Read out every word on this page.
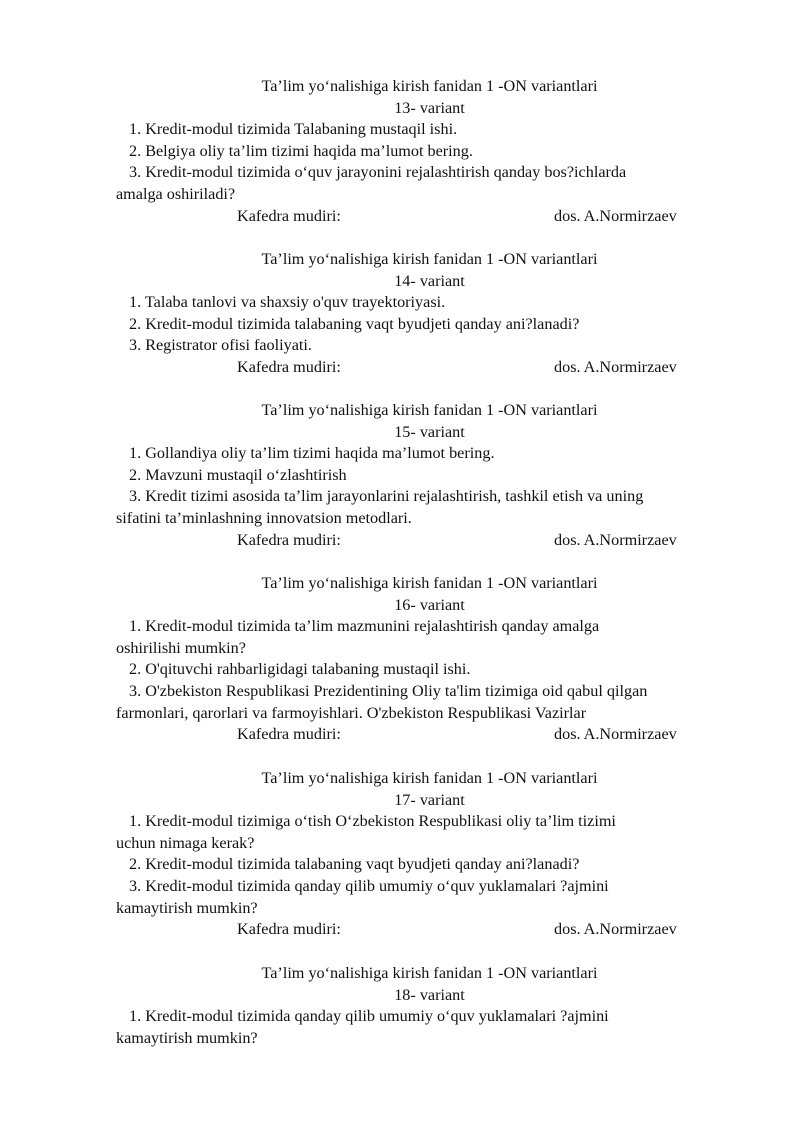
Ta’lim yo‘nalishiga kirish fanidan 1 -ON variantlari
13- variant
1. Kredit-modul tizimida Talabaning mustaqil ishi.
2. Belgiya oliy ta’lim tizimi haqida ma’lumot bering.
3. Kredit-modul tizimida o‘quv jarayonini rejalashtirish qanday bos?ichlarda
amalga oshiriladi?
Kafedra mudiri:	dos. A.Normirzaev
Ta’lim yo‘nalishiga kirish fanidan 1 -ON variantlari
14- variant
1. Talaba tanlovi va shaxsiy o'quv trayektoriyasi.
2. Kredit-modul tizimida talabaning vaqt byudjeti qanday ani?lanadi?
3. Registrator ofisi faoliyati.
Kafedra mudiri:	dos. A.Normirzaev
Ta’lim yo‘nalishiga kirish fanidan 1 -ON variantlari
15- variant
1. Gollandiya oliy ta’lim tizimi haqida ma’lumot bering.
2. Mavzuni mustaqil o‘zlashtirish
3. Kredit tizimi asosida ta’lim jarayonlarini rejalashtirish, tashkil etish va uning
sifatini ta’minlashning innovatsion metodlari.
Kafedra mudiri:	dos. A.Normirzaev
Ta’lim yo‘nalishiga kirish fanidan 1 -ON variantlari
16- variant
1. Kredit-modul tizimida ta’lim mazmunini rejalashtirish qanday amalga
oshirilishi mumkin?
2. O'qituvchi rahbarligidagi talabaning mustaqil ishi.
3. O'zbekiston Respublikasi Prezidentining Oliy ta'lim tizimiga oid qabul qilgan
farmonlari, qarorlari va farmoyishlari. O'zbekiston Respublikasi Vazirlar
Kafedra mudiri:	dos. A.Normirzaev
Ta’lim yo‘nalishiga kirish fanidan 1 -ON variantlari
17- variant
1. Kredit-modul tizimiga o‘tish O‘zbekiston Respublikasi oliy ta’lim tizimi
uchun nimaga kerak?
2. Kredit-modul tizimida talabaning vaqt byudjeti qanday ani?lanadi?
3. Kredit-modul tizimida qanday qilib umumiy o‘quv yuklamalari ?ajmini
kamaytirish mumkin?
Kafedra mudiri:	dos. A.Normirzaev
Ta’lim yo‘nalishiga kirish fanidan 1 -ON variantlari
18- variant
1. Kredit-modul tizimida qanday qilib umumiy o‘quv yuklamalari ?ajmini
kamaytirish mumkin?
